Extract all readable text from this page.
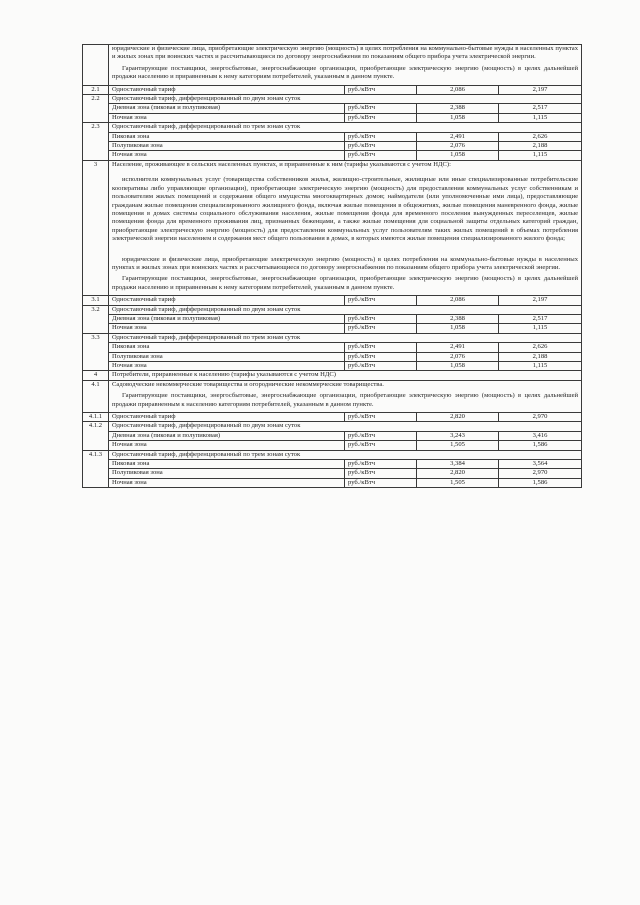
	юридические и физические лица, приобретающие электрическую энергию (мощность) в целях потребления на коммунально-бытовые нужды в населенных пунктах и жилых зонах при воинских частях и рассчитывающиеся по договору энергоснабжения по показаниям общего прибора учета электрической энергии.
Гарантирующие поставщики, энергосбытовые, энергоснабжающие организации, приобретающие электрическую энергию (мощность) в целях дальнейшей продажи населению и приравненным к нему категориям потребителей, указанным в данном пункте.			

2.1	Одноставочный тариф	руб./кВтч	2,086	2,197
2.2	Одноставочный тариф, дифференцированный по двум зонам суток			
	Дневная зона (пиковая и полупиковая)	руб./кВтч	2,388	2,517
	Ночная зона	руб./кВтч	1,058	1,115
2.3	Одноставочный тариф, дифференцированный по трем зонам суток			
	Пиковая зона	руб./кВтч	2,491	2,626
	Полупиковая зона	руб./кВтч	2,076	2,188
	Ночная зона	руб./кВтч	1,058	1,115
3	Население, проживающее в сельских населенных пунктах, и приравненные к ним (тарифы указываются с учетом НДС):
исполнители коммунальных услуг (товарищества собственников жилья, жилищно-строительные, жилищные или иные специализированные потребительские кооперативы либо управляющие организации), приобретающие электрическую энергию (мощность) для предоставления коммунальных услуг собственникам и пользователям жилых помещений и содержания общего имущества многоквартирных домов; наймодатели (или уполномоченные ими лица), предоставляющие гражданам жилые помещения специализированного жилищного фонда, включая жилые помещения в общежитиях, жилые помещения маневренного фонда, жилые помещения в домах системы социального обслуживания населения, жилые помещения фонда для временного поселения вынужденных переселенцев, жилые помещения фонда для временного проживания лиц, признанных беженцами, а также жилые помещения для социальной защиты отдельных категорий граждан, приобретающие электрическую энергию (мощность) для предоставления коммунальных услуг пользователям таких жилых помещений в объемах потребления электрической энергии населением и содержания мест общего пользования в домах, в которых имеются жилые помещения специализированного жилого фонда;
юридические и физические лица, приобретающие электрическую энергию (мощность) в целях потребления на коммунально-бытовые нужды в населенных пунктах и жилых зонах при воинских частях и рассчитывающиеся по договору энергоснабжения по показаниям общего прибора учета электрической энергии.
Гарантирующие поставщики, энергосбытовые, энергоснабжающие организации, приобретающие электрическую энергию (мощность) в целях дальнейшей продажи населению и приравненным к нему категориям потребителей, указанным в данном пункте.			

3.1	Одноставочный тариф	руб./кВтч	2,086	2,197
3.2	Одноставочный тариф, дифференцированный по двум зонам суток			
	Дневная зона (пиковая и полупиковая)	руб./кВтч	2,388	2,517
	Ночная зона	руб./кВтч	1,058	1,115
3.3	Одноставочный тариф, дифференцированный по трем зонам суток			
	Пиковая зона	руб./кВтч	2,491	2,626
	Полупиковая зона	руб./кВтч	2,076	2,188
	Ночная зона	руб./кВтч	1,058	1,115
4	Потребители, приравненные к населению (тарифы указываются с учетом НДС)			
4.1	Садоводческие некоммерческие товарищества и огороднические некоммерческие товарищества.
Гарантирующие поставщики, энергосбытовые, энергоснабжающие организации, приобретающие электрическую энергию (мощность) в целях дальнейшей продажи приравненным к населению категориям потребителей, указанным в данном пункте.			

4.1.1	Одноставочный тариф	руб./кВтч	2,820	2,970
4.1.2	Одноставочный тариф, дифференцированный по двум зонам суток			
	Дневная зона (пиковая и полупиковая)	руб./кВтч	3,243	3,416
	Ночная зона	руб./кВтч	1,505	1,586
4.1.3	Одноставочный тариф, дифференцированный по трем зонам суток			
	Пиковая зона	руб./кВтч	3,384	3,564
	Полупиковая зона	руб./кВтч	2,820	2,970
	Ночная зона	руб./кВтч	1,505	1,586
